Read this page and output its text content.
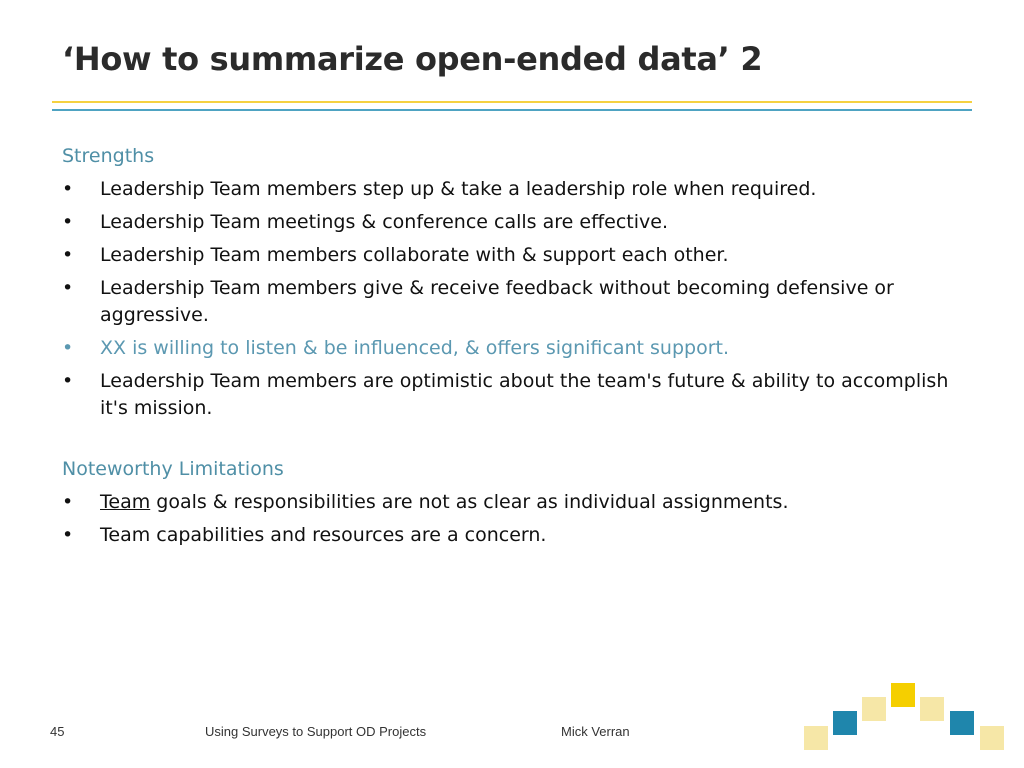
‘How to summarize open-ended data’ 2
Strengths
• Leadership Team members step up & take a leadership role when required.
• Leadership Team meetings & conference calls are effective.
• Leadership Team members collaborate with & support each other.
• Leadership Team members give & receive feedback without becoming defensive or aggressive.
• XX is willing to listen & be influenced, & offers significant support.
• Leadership Team members are optimistic about the team's future & ability to accomplish it's mission.
Noteworthy Limitations
• Team goals & responsibilities are not as clear as individual assignments.
• Team capabilities and resources are a concern.
45	Using Surveys to Support OD Projects	Mick Verran
